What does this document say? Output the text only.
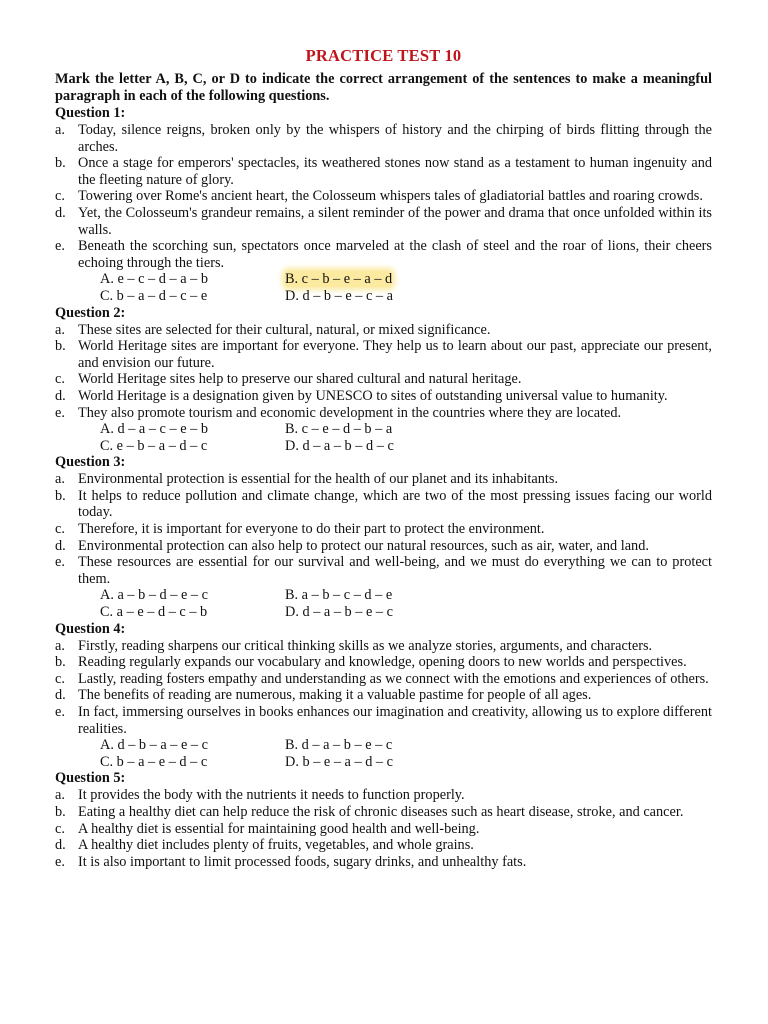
PRACTICE TEST 10

Mark the letter A, B, C, or D to indicate the correct arrangement of the sentences to make a meaningful paragraph in each of the following questions.

Question 1:
a. Today, silence reigns, broken only by the whispers of history and the chirping of birds flitting through the arches.
b. Once a stage for emperors' spectacles, its weathered stones now stand as a testament to human ingenuity and the fleeting nature of glory.
c. Towering over Rome's ancient heart, the Colosseum whispers tales of gladiatorial battles and roaring crowds.
d. Yet, the Colosseum's grandeur remains, a silent reminder of the power and drama that once unfolded within its walls.
e. Beneath the scorching sun, spectators once marveled at the clash of steel and the roar of lions, their cheers echoing through the tiers.
A. e – c – d – a – b	B. c – b – e – a – d
C. b – a – d – c – e	D. d – b – e – c – a
Question 2:
a. These sites are selected for their cultural, natural, or mixed significance.
b. World Heritage sites are important for everyone. They help us to learn about our past, appreciate our present, and envision our future.
c. World Heritage sites help to preserve our shared cultural and natural heritage.
d. World Heritage is a designation given by UNESCO to sites of outstanding universal value to humanity.
e. They also promote tourism and economic development in the countries where they are located.
A. d – a – c – e – b	B. c – e – d – b – a
C. e – b – a – d – c	D. d – a – b – d – c
Question 3:
a. Environmental protection is essential for the health of our planet and its inhabitants.
b. It helps to reduce pollution and climate change, which are two of the most pressing issues facing our world today.
c. Therefore, it is important for everyone to do their part to protect the environment.
d. Environmental protection can also help to protect our natural resources, such as air, water, and land.
e. These resources are essential for our survival and well-being, and we must do everything we can to protect them.
A. a – b – d – e – c	B. a – b – c – d – e
C. a – e – d – c – b	D. d – a – b – e – c
Question 4:
a. Firstly, reading sharpens our critical thinking skills as we analyze stories, arguments, and characters.
b. Reading regularly expands our vocabulary and knowledge, opening doors to new worlds and perspectives.
c. Lastly, reading fosters empathy and understanding as we connect with the emotions and experiences of others.
d. The benefits of reading are numerous, making it a valuable pastime for people of all ages.
e. In fact, immersing ourselves in books enhances our imagination and creativity, allowing us to explore different realities.
A. d – b – a – e – c	B. d – a – b – e – c
C. b – a – e – d – c	D. b – e – a – d – c
Question 5:
a. It provides the body with the nutrients it needs to function properly.
b. Eating a healthy diet can help reduce the risk of chronic diseases such as heart disease, stroke, and cancer.
c. A healthy diet is essential for maintaining good health and well-being.
d. A healthy diet includes plenty of fruits, vegetables, and whole grains.
e. It is also important to limit processed foods, sugary drinks, and unhealthy fats.
